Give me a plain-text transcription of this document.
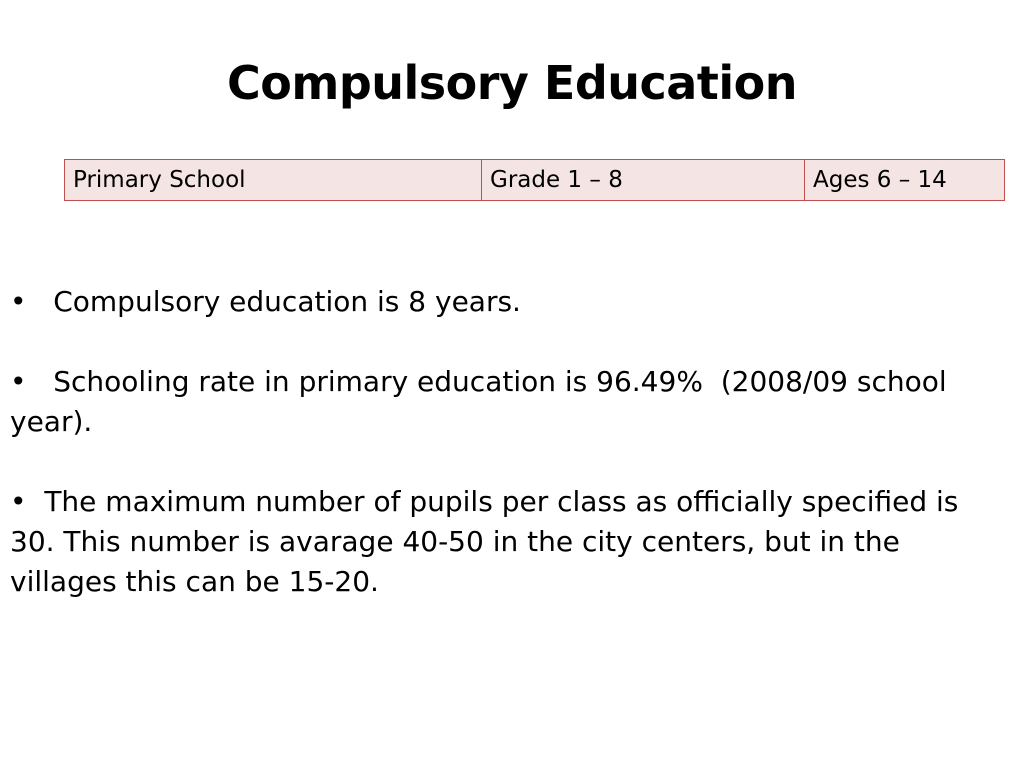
Compulsory Education
Primary School	Grade 1 – 8	Ages 6 – 14
•   Compulsory education is 8 years.
•   Schooling rate in primary education is 96.49%  (2008/09 school year).
•  The maximum number of pupils per class as officially specified is 30. This number is avarage 40-50 in the city centers, but in the villages this can be 15-20.
